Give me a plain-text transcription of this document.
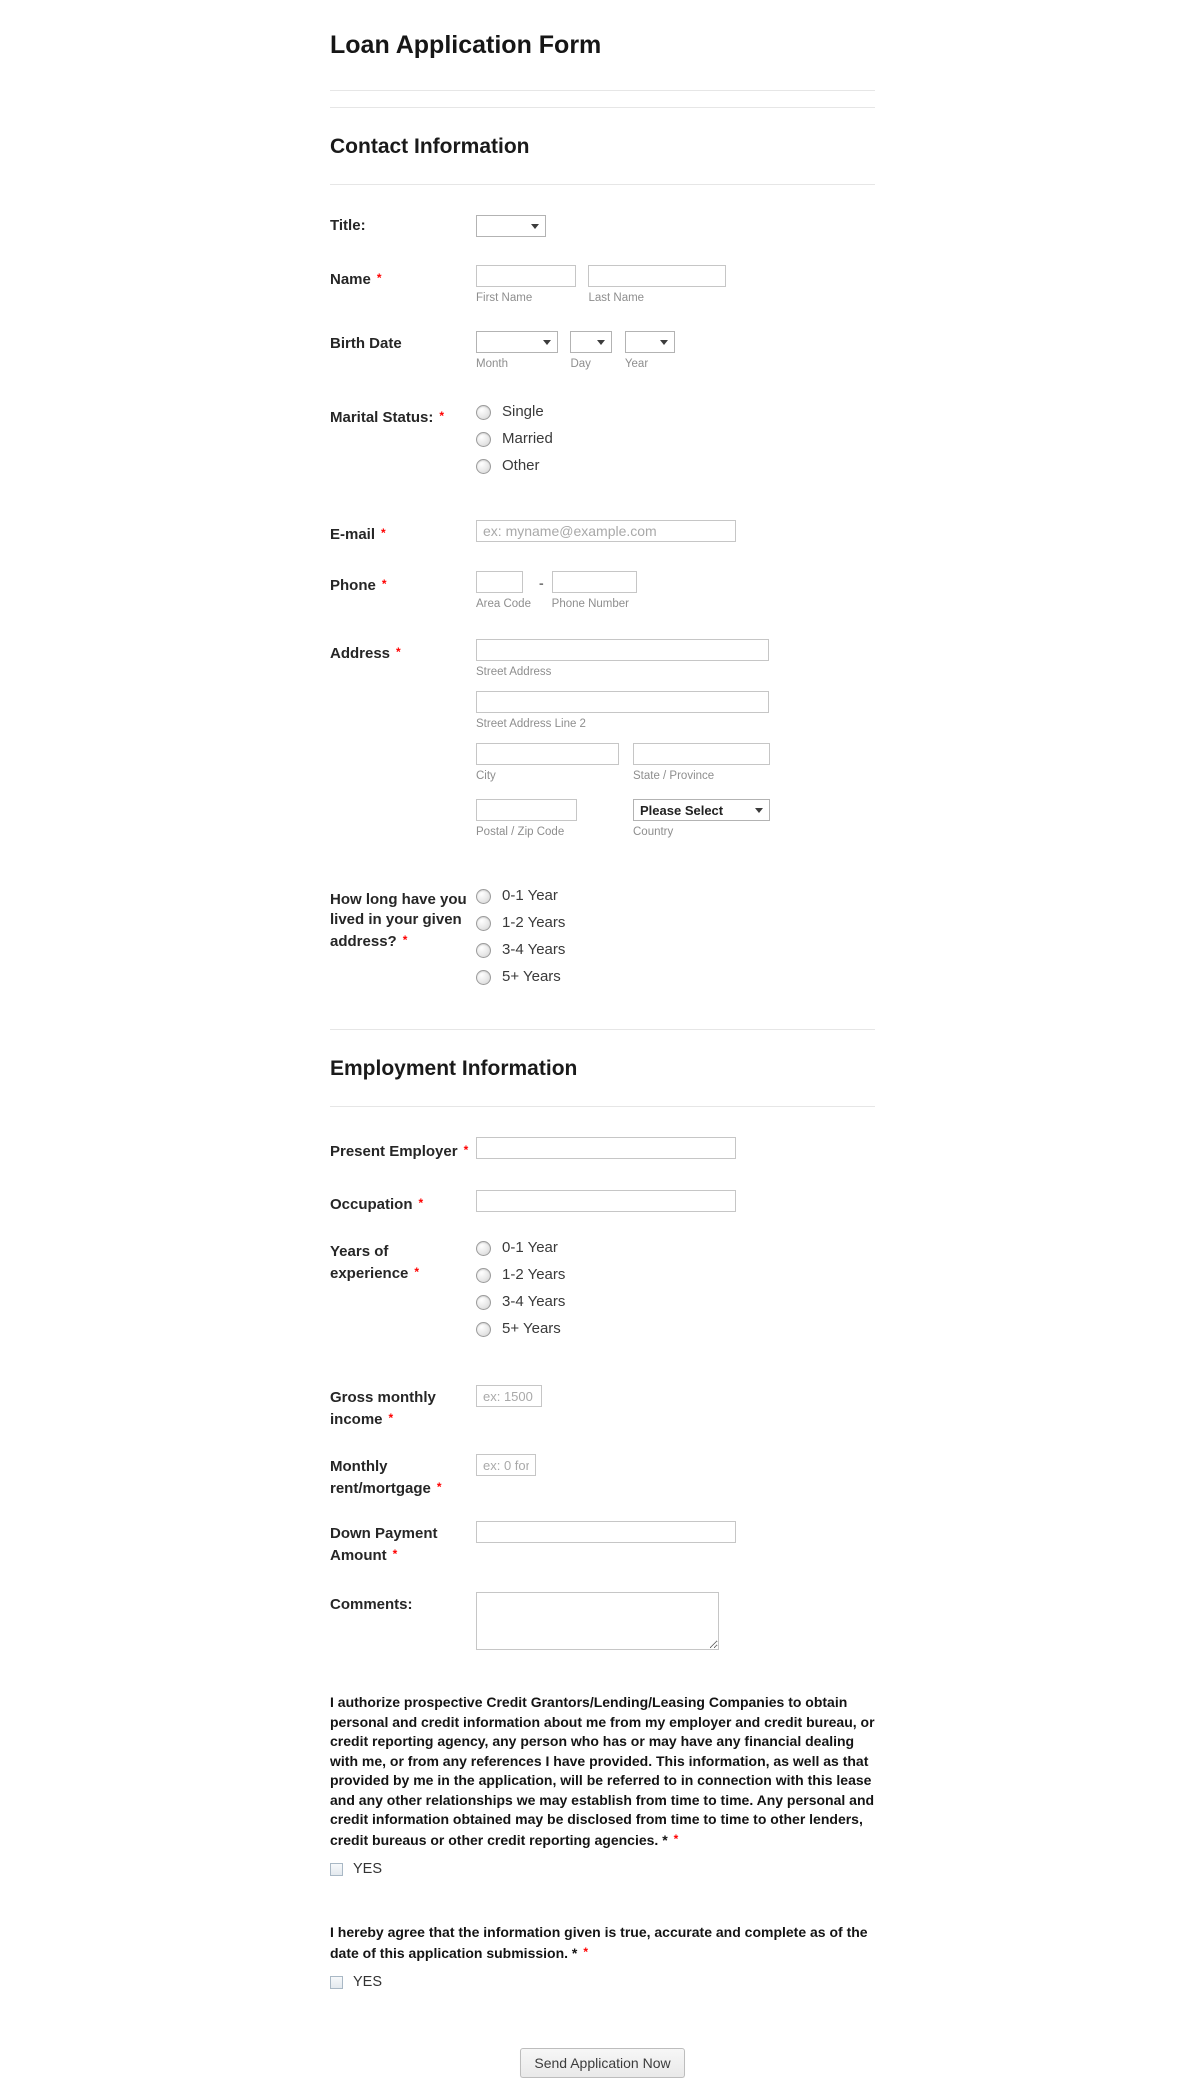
Loan Application Form
Contact Information
Title:
Name *
First Name
	Last Name
Birth Date
Month
	Day
	Year
Marital Status: *	Single
Married
Other
E-mail *
ex: myname@example.com
Phone *
Area Code
-
Phone Number
Address *
Street Address

Street Address Line 2
City	State / Province
Postal / Zip Code
Please Select
Country
How long have you lived in your given address? *
0-1 Year
1-2 Years
3-4 Years
5+ Years
Employment Information
Present Employer *
Occupation *
Years of experience *
0-1 Year
1-2 Years
3-4 Years
5+ Years
Gross monthly income *
ex: 1500
Monthly rent/mortgage *
ex: 0 for
Down Payment Amount *
Comments:

I authorize prospective Credit Grantors/Lending/Leasing Companies to obtain personal and credit information about me from my employer and credit bureau, or credit reporting agency, any person who has or may have any financial dealing with me, or from any references I have provided. This information, as well as that provided by me in the application, will be referred to in connection with this lease and any other relationships we may establish from time to time. Any personal and credit information obtained may be disclosed from time to time to other lenders, credit bureaus or other credit reporting agencies. * *

YES

I hereby agree that the information given is true, accurate and complete as of the date of this application submission. * *

YES
Send Application Now
